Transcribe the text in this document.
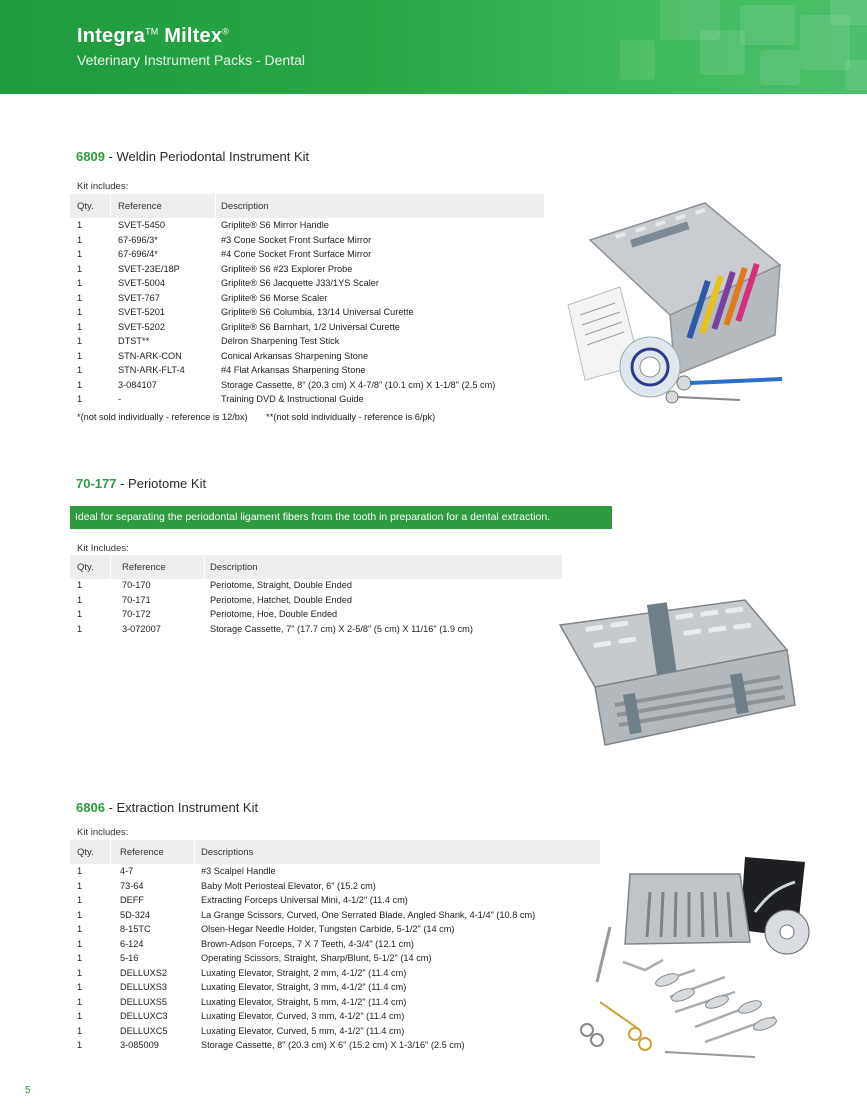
Integra™ Miltex®
Veterinary Instrument Packs - Dental
6809 - Weldin Periodontal Instrument Kit
Kit includes:
Qty.	Reference	Description
1	SVET-5450	Griplite® S6 Mirror Handle
1	67-696/3*	#3 Cone Socket Front Surface Mirror
1	67-696/4*	#4 Cone Socket Front Surface Mirror
1	SVET-23E/18P	Griplite® S6 #23 Explorer Probe
1	SVET-5004	Griplite® S6 Jacquette J33/1YS Scaler
1	SVET-767	Griplite® S6 Morse Scaler
1	SVET-5201	Griplite® S6 Columbia, 13/14 Universal Curette
1	SVET-5202	Griplite® S6 Barnhart, 1/2 Universal Curette
1	DTST**	Delron Sharpening Test Stick
1	STN-ARK-CON	Conical Arkansas Sharpening Stone
1	STN-ARK-FLT-4	#4 Flat Arkansas Sharpening Stone
1	3-084107	Storage Cassette, 8" (20.3 cm) X 4-7/8" (10.1 cm) X 1-1/8" (2.5 cm)
1	-	Training DVD & Instructional Guide
*(not sold individually - reference is 12/bx) **(not sold individually - reference is 6/pk)
70-177 - Periotome Kit
Ideal for separating the periodontal ligament fibers from the tooth in preparation for a dental extraction.
Kit Includes:
Qty.	Reference	Description
1	70-170	Periotome, Straight, Double Ended
1	70-171	Periotome, Hatchet, Double Ended
1	70-172	Periotome, Hoe, Double Ended
1	3-072007	Storage Cassette, 7" (17.7 cm) X 2-5/8" (5 cm) X 11/16" (1.9 cm)
6806 - Extraction Instrument Kit
Kit includes:
Qty.	Reference	Descriptions
1	4-7	#3 Scalpel Handle
1	73-64	Baby Molt Periosteal Elevator, 6" (15.2 cm)
1	DEFF	Extracting Forceps Universal Mini, 4-1/2" (11.4 cm)
1	5D-324	La Grange Scissors, Curved, One Serrated Blade, Angled Shank, 4-1/4" (10.8 cm)
1	8-15TC	Olsen-Hegar Needle Holder, Tungsten Carbide, 5-1/2" (14 cm)
1	6-124	Brown-Adson Forceps, 7 X 7 Teeth, 4-3/4" (12.1 cm)
1	5-16	Operating Scissors, Straight, Sharp/Blunt, 5-1/2" (14 cm)
1	DELLUXS2	Luxating Elevator, Straight, 2 mm, 4-1/2" (11.4 cm)
1	DELLUXS3	Luxating Elevator, Straight, 3 mm, 4-1/2" (11.4 cm)
1	DELLUXS5	Luxating Elevator, Straight, 5 mm, 4-1/2" (11.4 cm)
1	DELLUXC3	Luxating Elevator, Curved, 3 mm, 4-1/2" (11.4 cm)
1	DELLUXC5	Luxating Elevator, Curved, 5 mm, 4-1/2" (11.4 cm)
1	3-085009	Storage Cassette, 8" (20.3 cm) X 6" (15.2 cm) X 1-3/16" (2.5 cm)
5
